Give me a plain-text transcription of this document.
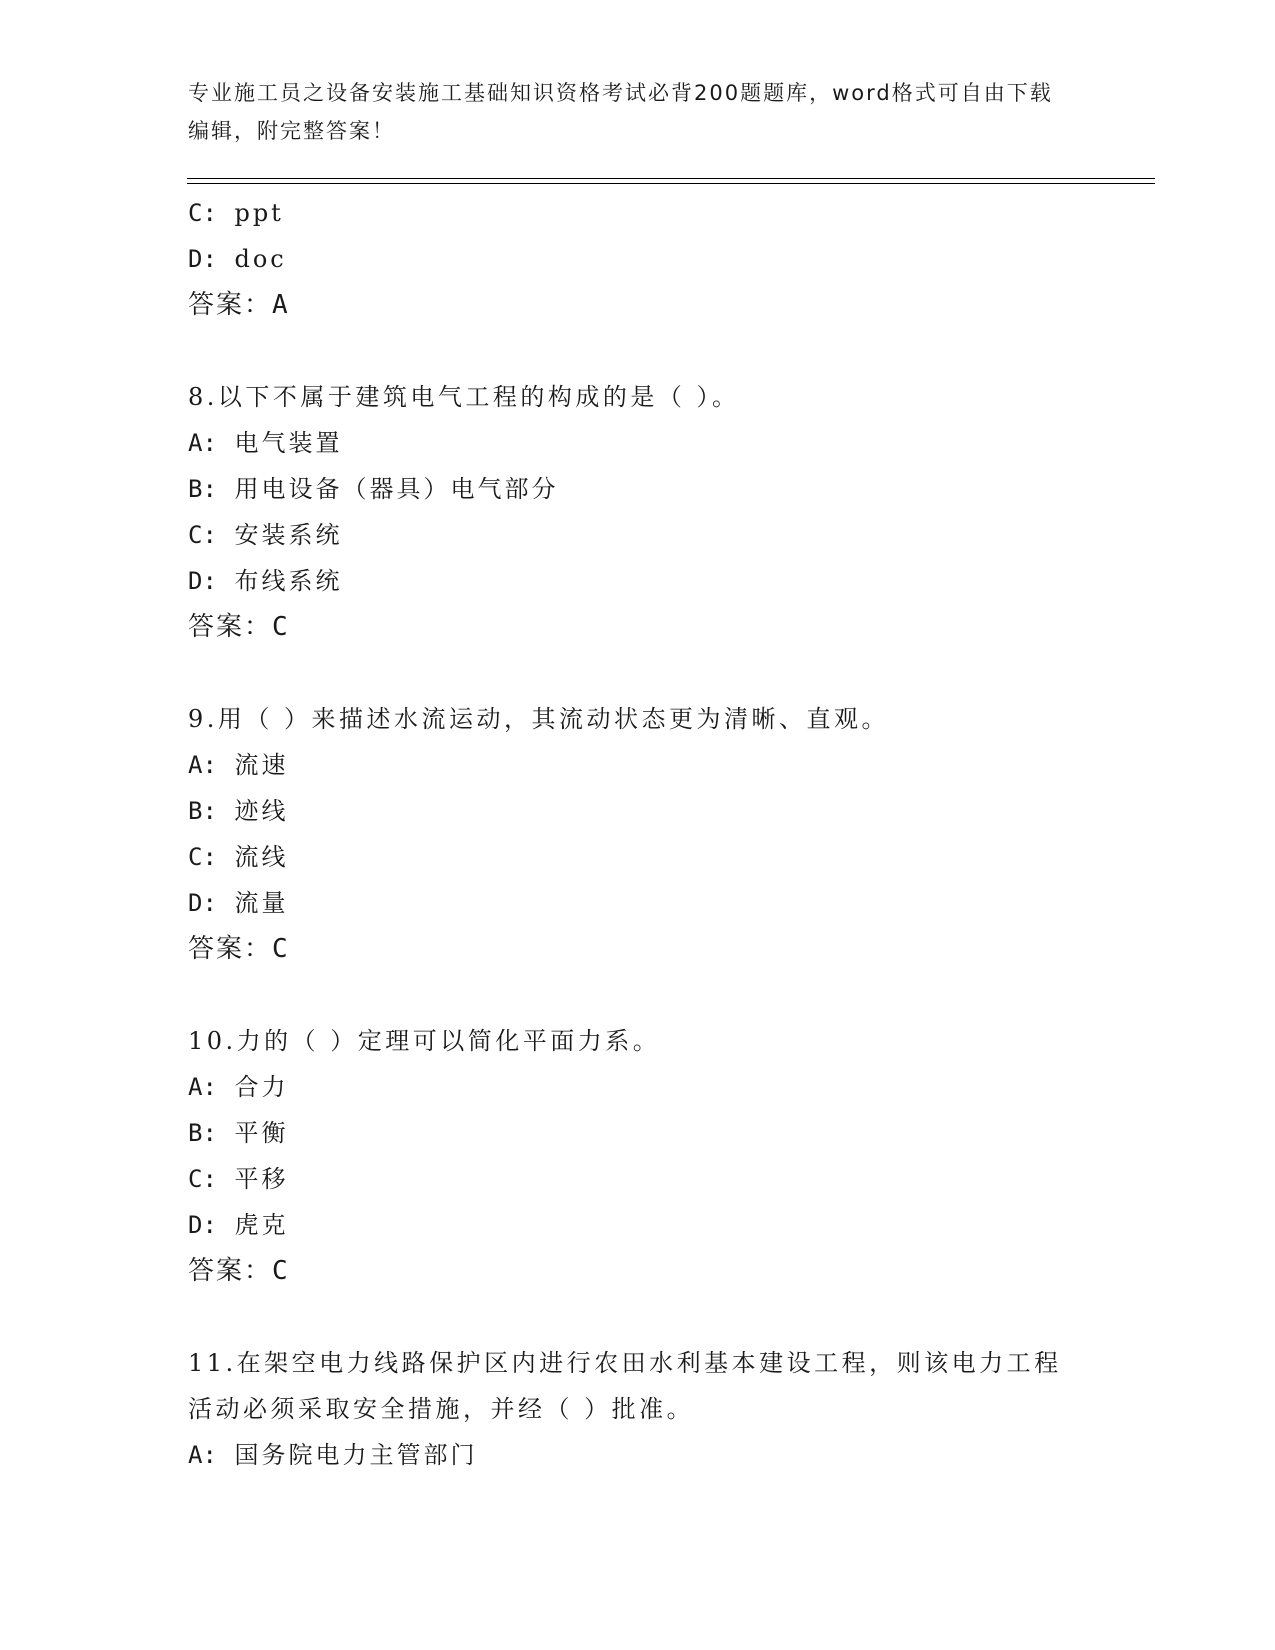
专业施工员之设备安装施工基础知识资格考试必背200题题库，word格式可自由下载编辑，附完整答案！
C: ppt
D: doc
答案：A
8.以下不属于建筑电气工程的构成的是（ ）。
A: 电气装置
B: 用电设备（器具）电气部分
C: 安装系统
D: 布线系统
答案：C
9.用（ ）来描述水流运动，其流动状态更为清晰、直观。
A: 流速
B: 迹线
C: 流线
D: 流量
答案：C
10.力的（ ）定理可以简化平面力系。
A: 合力
B: 平衡
C: 平移
D: 虎克
答案：C
11.在架空电力线路保护区内进行农田水利基本建设工程，则该电力工程活动必须采取安全措施，并经（ ）批准。
A: 国务院电力主管部门
